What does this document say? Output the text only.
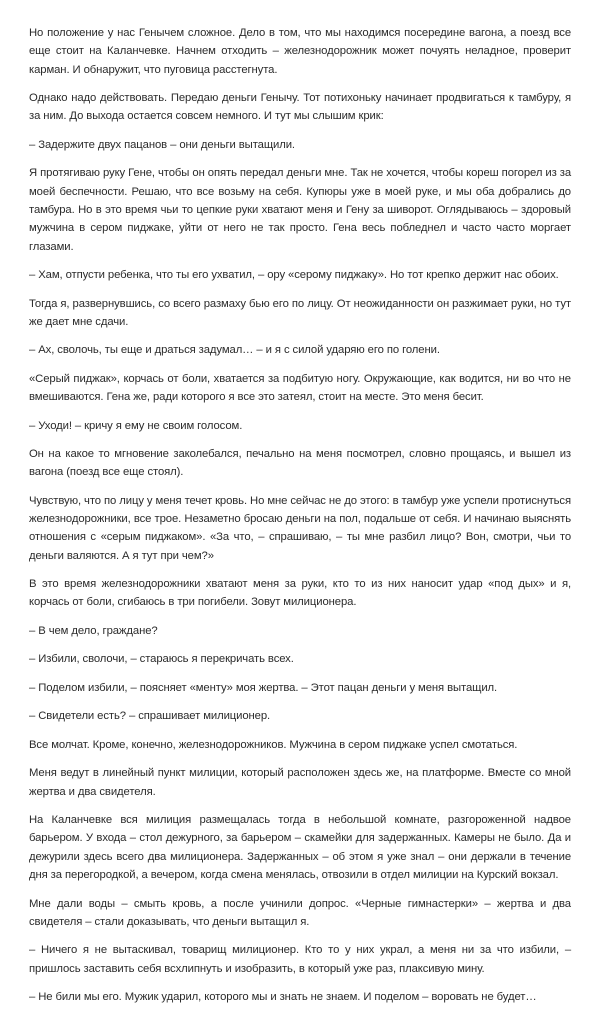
Но положение у нас Генычем сложное. Дело в том, что мы находимся посередине вагона, а поезд все еще стоит на Каланчевке. Начнем отходить – железнодорожник может почуять неладное, проверит карман. И обнаружит, что пуговица расстегнута.

Однако надо действовать. Передаю деньги Генычу. Тот потихоньку начинает продвигаться к тамбуру, я за ним. До выхода остается совсем немного. И тут мы слышим крик:

– Задержите двух пацанов – они деньги вытащили.

Я протягиваю руку Гене, чтобы он опять передал деньги мне. Так не хочется, чтобы кореш погорел из за моей беспечности. Решаю, что все возьму на себя. Купюры уже в моей руке, и мы оба добрались до тамбура. Но в это время чьи то цепкие руки хватают меня и Гену за шиворот. Оглядываюсь – здоровый мужчина в сером пиджаке, уйти от него не так просто. Гена весь побледнел и часто часто моргает глазами.

– Хам, отпусти ребенка, что ты его ухватил, – ору «серому пиджаку». Но тот крепко держит нас обоих.

Тогда я, развернувшись, со всего размаху бью его по лицу. От неожиданности он разжимает руки, но тут же дает мне сдачи.

– Ах, сволочь, ты еще и драться задумал… – и я с силой ударяю его по голени.

«Серый пиджак», корчась от боли, хватается за подбитую ногу. Окружающие, как водится, ни во что не вмешиваются. Гена же, ради которого я все это затеял, стоит на месте. Это меня бесит.

– Уходи! – кричу я ему не своим голосом.

Он на какое то мгновение заколебался, печально на меня посмотрел, словно прощаясь, и вышел из вагона (поезд все еще стоял).

Чувствую, что по лицу у меня течет кровь. Но мне сейчас не до этого: в тамбур уже успели протиснуться железнодорожники, все трое. Незаметно бросаю деньги на пол, подальше от себя. И начинаю выяснять отношения с «серым пиджаком». «За что, – спрашиваю, – ты мне разбил лицо? Вон, смотри, чьи то деньги валяются. А я тут при чем?»

В это время железнодорожники хватают меня за руки, кто то из них наносит удар «под дых» и я, корчась от боли, сгибаюсь в три погибели. Зовут милиционера.

– В чем дело, граждане?

– Избили, сволочи, – стараюсь я перекричать всех.

– Поделом избили, – поясняет «менту» моя жертва. – Этот пацан деньги у меня вытащил.

– Свидетели есть? – спрашивает милиционер.

Все молчат. Кроме, конечно, железнодорожников. Мужчина в сером пиджаке успел смотаться.

Меня ведут в линейный пункт милиции, который расположен здесь же, на платформе. Вместе со мной жертва и два свидетеля.

На Каланчевке вся милиция размещалась тогда в небольшой комнате, разгороженной надвое барьером. У входа – стол дежурного, за барьером – скамейки для задержанных. Камеры не было. Да и дежурили здесь всего два милиционера. Задержанных – об этом я уже знал – они держали в течение дня за перегородкой, а вечером, когда смена менялась, отвозили в отдел милиции на Курский вокзал.

Мне дали воды – смыть кровь, а после учинили допрос. «Черные гимнастерки» – жертва и два свидетеля – стали доказывать, что деньги вытащил я.

– Ничего я не вытаскивал, товарищ милиционер. Кто то у них украл, а меня ни за что избили, – пришлось заставить себя всхлипнуть и изобразить, в который уже раз, плаксивую мину.

– Не били мы его. Мужик ударил, которого мы и знать не знаем. И поделом – воровать не будет…
